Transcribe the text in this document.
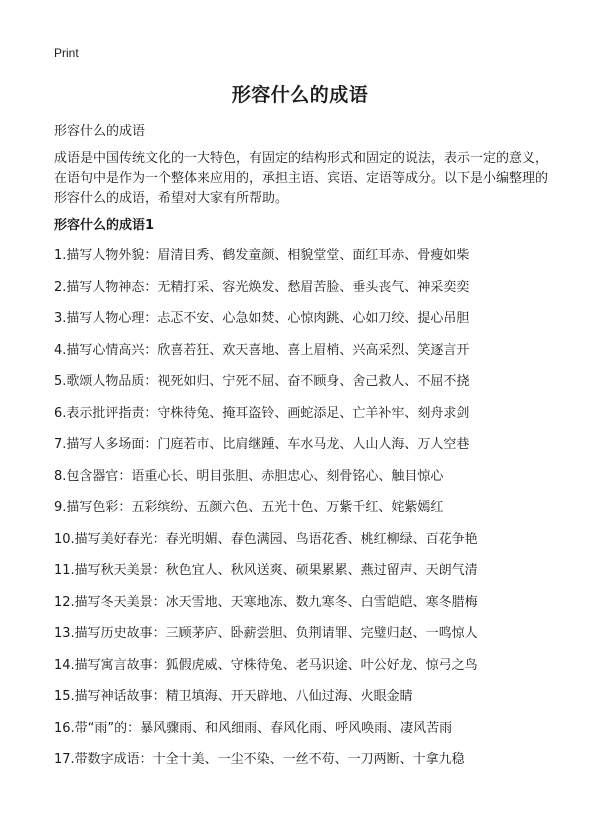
Print
形容什么的成语

形容什么的成语

成语是中国传统文化的一大特色，有固定的结构形式和固定的说法，表示一定的意义，在语句中是作为一个整体来应用的，承担主语、宾语、定语等成分。以下是小编整理的形容什么的成语，希望对大家有所帮助。

形容什么的成语1
1.描写人物外貌：眉清目秀、鹤发童颜、相貌堂堂、面红耳赤、骨瘦如柴
2.描写人物神态：无精打采、容光焕发、愁眉苦脸、垂头丧气、神采奕奕
3.描写人物心理：忐忑不安、心急如焚、心惊肉跳、心如刀绞、提心吊胆
4.描写心情高兴：欣喜若狂、欢天喜地、喜上眉梢、兴高采烈、笑逐言开
5.歌颂人物品质：视死如归、宁死不屈、奋不顾身、舍己救人、不屈不挠
6.表示批评指责：守株待兔、掩耳盗铃、画蛇添足、亡羊补牢、刻舟求剑
7.描写人多场面：门庭若市、比肩继踵、车水马龙、人山人海、万人空巷
8.包含器官：语重心长、明目张胆、赤胆忠心、刻骨铭心、触目惊心
9.描写色彩：五彩缤纷、五颜六色、五光十色、万紫千红、姹紫嫣红
10.描写美好春光：春光明媚、春色满园、鸟语花香、桃红柳绿、百花争艳
11.描写秋天美景：秋色宜人、秋风送爽、硕果累累、燕过留声、天朗气清
12.描写冬天美景：冰天雪地、天寒地冻、数九寒冬、白雪皑皑、寒冬腊梅
13.描写历史故事：三顾茅庐、卧薪尝胆、负荆请罪、完璧归赵、一鸣惊人
14.描写寓言故事：狐假虎威、守株待兔、老马识途、叶公好龙、惊弓之鸟
15.描写神话故事：精卫填海、开天辟地、八仙过海、火眼金睛
16.带“雨”的：暴风骤雨、和风细雨、春风化雨、呼风唤雨、凄风苦雨
17.带数字成语：十全十美、一尘不染、一丝不苟、一刀两断、十拿九稳
